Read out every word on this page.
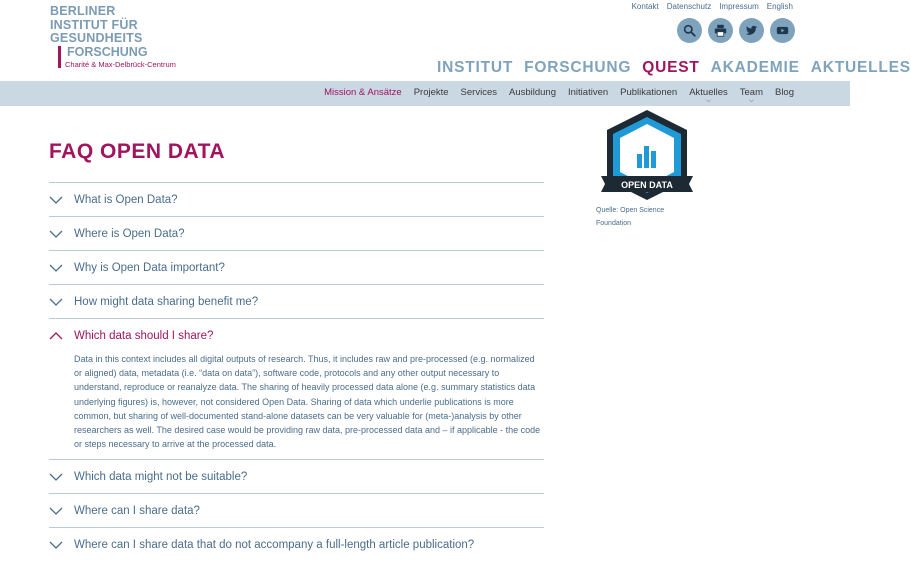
BERLINER
INSTITUT FÜR
GESUNDHEITS
FORSCHUNG
Charité & Max-Delbrück-Centrum
Kontakt Datenschutz Impressum English
INSTITUT FORSCHUNG QUEST AKADEMIE AKTUELLES
Mission & Ansätze Projekte Services Ausbildung Initiativen Publikationen Aktuelles
⌵
Team
⌵
Blog
FAQ OPEN DATA
What is Open Data?
Where is Open Data?
Why is Open Data important?
How might data sharing benefit me?
Which data should I share?

Data in this context includes all digital outputs of research. Thus, it includes raw and pre-processed (e.g. normalized or aligned) data, metadata (i.e. “data on data”), software code, protocols and any other output necessary to understand, reproduce or reanalyze data. The sharing of heavily processed data alone (e.g. summary statistics data underlying figures) is, however, not considered Open Data. Sharing of data which underlie publications is more common, but sharing of well-documented stand-alone datasets can be very valuable for (meta-)analysis by other researchers as well. The desired case would be providing raw data, pre-processed data and – if applicable - the code or steps necessary to arrive at the processed data.

Which data might not be suitable?
Where can I share data?
Where can I share data that do not accompany a full-length article publication?
OPEN DATA
Quelle: Open Science Foundation
